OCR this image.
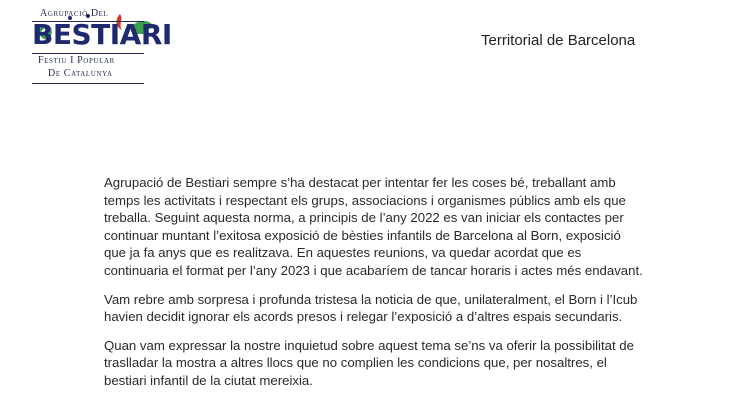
Agrupació Del
BESTIARI
Festiu I Popular
De Catalunya
Territorial de Barcelona

Agrupació de Bestiari sempre s’ha destacat per intentar fer les coses bé, treballant amb temps les activitats i respectant els grups, associacions i organismes públics amb els que treballa. Seguint aquesta norma, a principis de l’any 2022 es van iniciar els contactes per continuar muntant l’exitosa exposició de bèsties infantils de Barcelona al Born, exposició que ja fa anys que es realitzava. En aquestes reunions, va quedar acordat que es continuaria el format per l’any 2023 i que acabaríem de tancar horaris i actes més endavant.

Vam rebre amb sorpresa i profunda tristesa la noticia de que, unilateralment, el Born i l’Icub havien decidit ignorar els acords presos i relegar l’exposició a d’altres espais secundaris.

Quan vam expressar la nostre inquietud sobre aquest tema se’ns va oferir la possibilitat de traslladar la mostra a altres llocs que no complien les condicions que, per nosaltres, el bestiari infantil de la ciutat mereixia.
